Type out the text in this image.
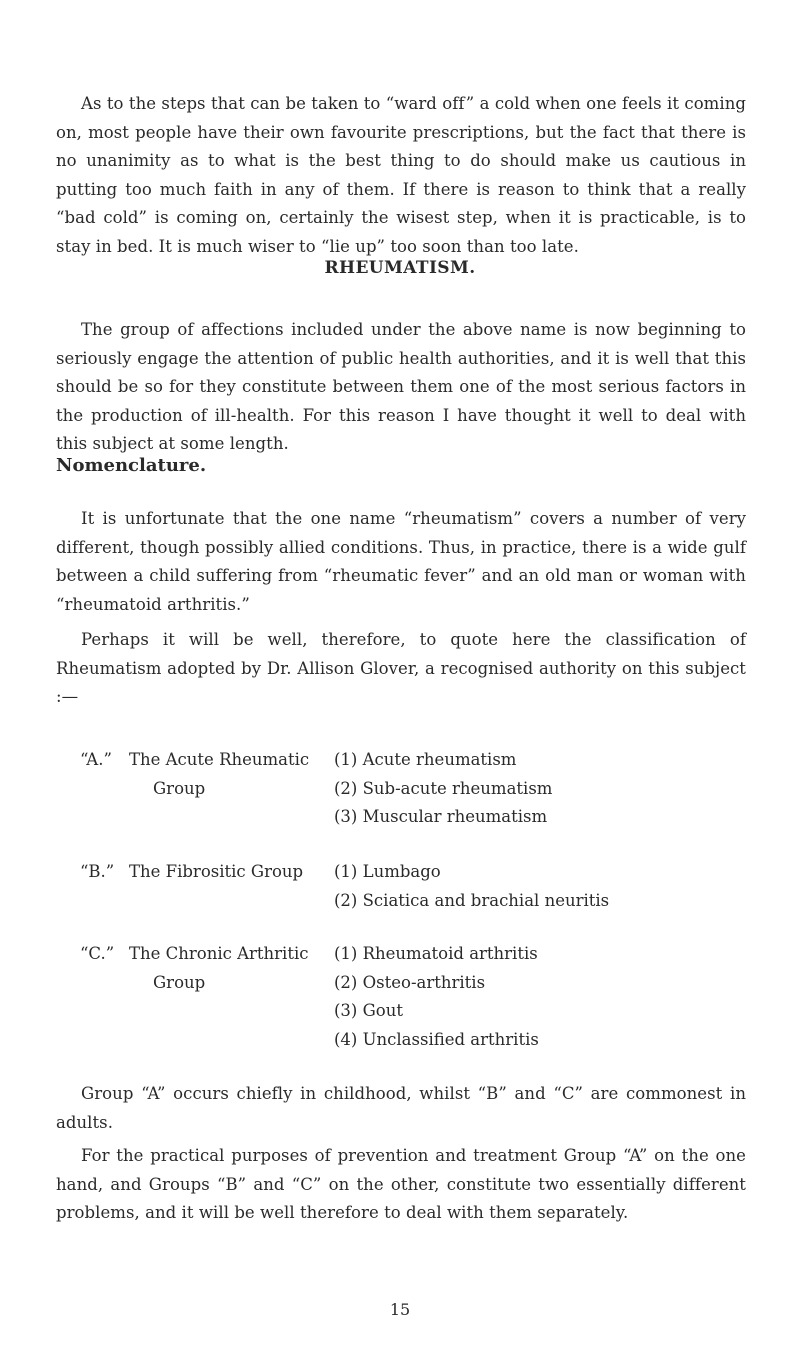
As to the steps that can be taken to “ward off” a cold when one feels it coming on, most people have their own favourite prescriptions, but the fact that there is no unanimity as to what is the best thing to do should make us cautious in putting too much faith in any of them. If there is reason to think that a really “bad cold” is coming on, certainly the wisest step, when it is practicable, is to stay in bed. It is much wiser to “lie up” too soon than too late.

RHEUMATISM.

The group of affections included under the above name is now beginning to seriously engage the attention of public health authorities, and it is well that this should be so for they constitute between them one of the most serious factors in the production of ill-health. For this reason I have thought it well to deal with this subject at some length.

Nomenclature.

It is unfortunate that the one name “rheumatism” covers a number of very different, though possibly allied conditions. Thus, in practice, there is a wide gulf between a child suffering from “rheumatic fever” and an old man or woman with “rheumatoid arthritis.”

Perhaps it will be well, therefore, to quote here the classification of Rheumatism adopted by Dr. Allison Glover, a recognised authority on this subject :—

“A.” The Acute Rheumatic
Group
(1) Acute rheumatism
(2) Sub-acute rheumatism
(3) Muscular rheumatism
“B.” The Fibrositic Group	(1) Lumbago
(2) Sciatica and brachial neuritis
“C.” The Chronic Arthritic
Group
(1) Rheumatoid arthritis
(2) Osteo-arthritis
(3) Gout
(4) Unclassified arthritis

Group “A” occurs chiefly in childhood, whilst “B” and “C” are commonest in adults.

For the practical purposes of prevention and treatment Group “A” on the one hand, and Groups “B” and “C” on the other, constitute two essentially different problems, and it will be well therefore to deal with them separately.

15
